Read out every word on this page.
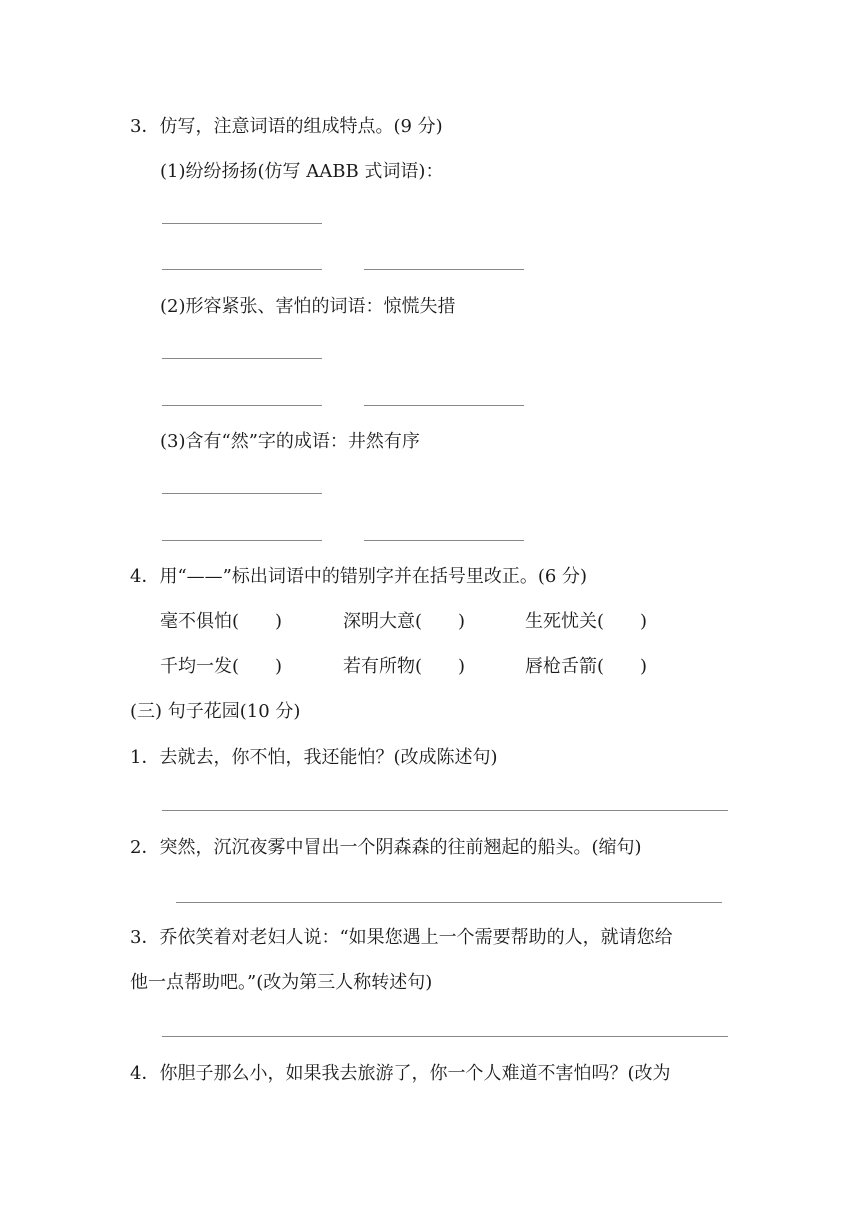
3．仿写，注意词语的组成特点。(9 分)
(1)纷纷扬扬(仿写 AABB 式词语)：
(2)形容紧张、害怕的词语：惊慌失措
(3)含有“然”字的成语：井然有序
4．用“——”标出词语中的错别字并在括号里改正。(6 分)
毫不俱怕(　　)	深明大意(　　)	生死忧关(　　)
千均一发(　　)	若有所物(　　)	唇枪舌箭(　　)
(三) 句子花园(10 分)
1．去就去，你不怕，我还能怕？(改成陈述句)
2．突然，沉沉夜雾中冒出一个阴森森的往前翘起的船头。(缩句)
3．乔依笑着对老妇人说：“如果您遇上一个需要帮助的人，就请您给
他一点帮助吧。”(改为第三人称转述句)
4．你胆子那么小，如果我去旅游了，你一个人难道不害怕吗？(改为
